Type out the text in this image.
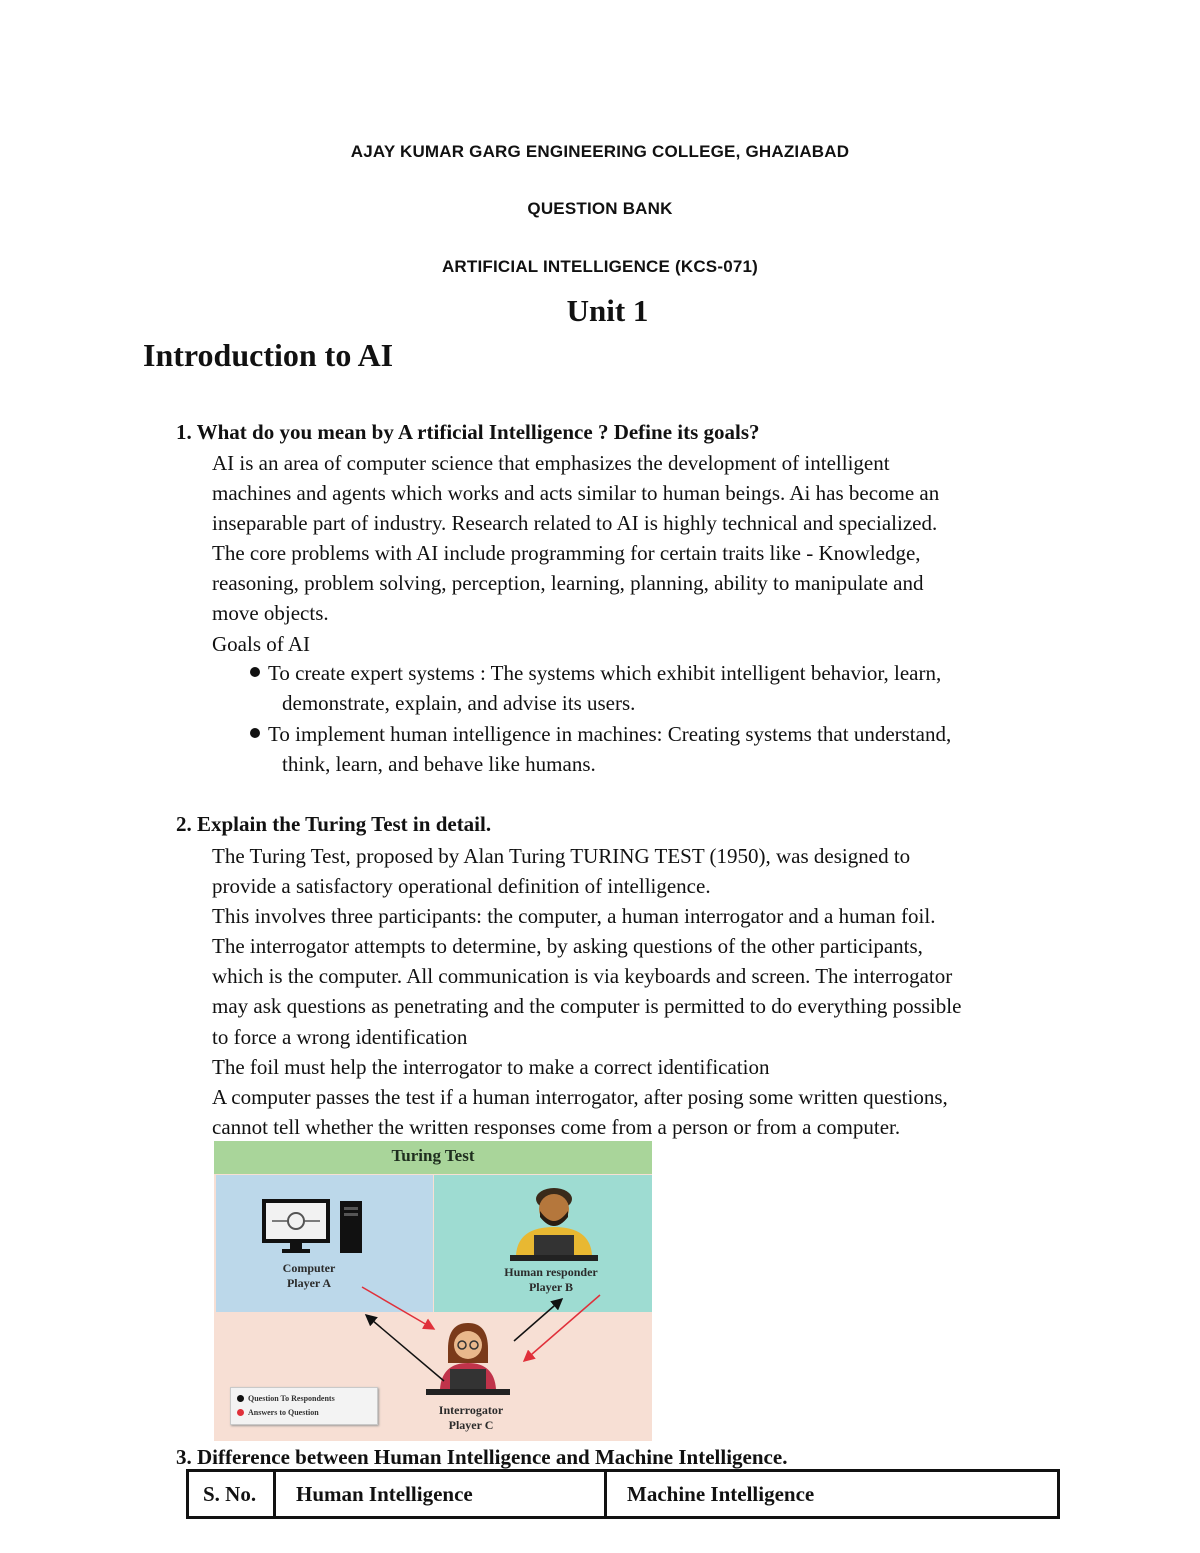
AJAY KUMAR GARG ENGINEERING COLLEGE, GHAZIABAD
QUESTION BANK
ARTIFICIAL INTELLIGENCE (KCS-071)
Unit 1
Introduction to AI
1. What do you mean by A rtificial Intelligence ? Define its goals?
AI is an area of computer science that emphasizes the development of intelligent
machines and agents which works and acts similar to human beings. Ai has become an
inseparable part of industry. Research related to AI is highly technical and specialized.
The core problems with AI include programming for certain traits like - Knowledge,
reasoning, problem solving, perception, learning, planning, ability to manipulate and
move objects.
Goals of AI
To create expert systems : The systems which exhibit intelligent behavior, learn,
demonstrate, explain, and advise its users.
To implement human intelligence in machines: Creating systems that understand,
think, learn, and behave like humans.
2. Explain the Turing Test in detail.
The Turing Test, proposed by Alan Turing TURING TEST (1950), was designed to
provide a satisfactory operational definition of intelligence.
This involves three participants: the computer, a human interrogator and a human foil.
The interrogator attempts to determine, by asking questions of the other participants,
which is the computer. All communication is via keyboards and screen. The interrogator
may ask questions as penetrating and the computer is permitted to do everything possible
to force a wrong identification
The foil must help the interrogator to make a correct identification
A computer passes the test if a human interrogator, after posing some written questions,
cannot tell whether the written responses come from a person or from a computer.
Turing Test
Computer
Player A
Human responder
Player B
Interrogator
Player C
Question To Respondents
Answers to Question
3. Difference between Human Intelligence and Machine Intelligence.
S. No.	Human Intelligence	Machine Intelligence
